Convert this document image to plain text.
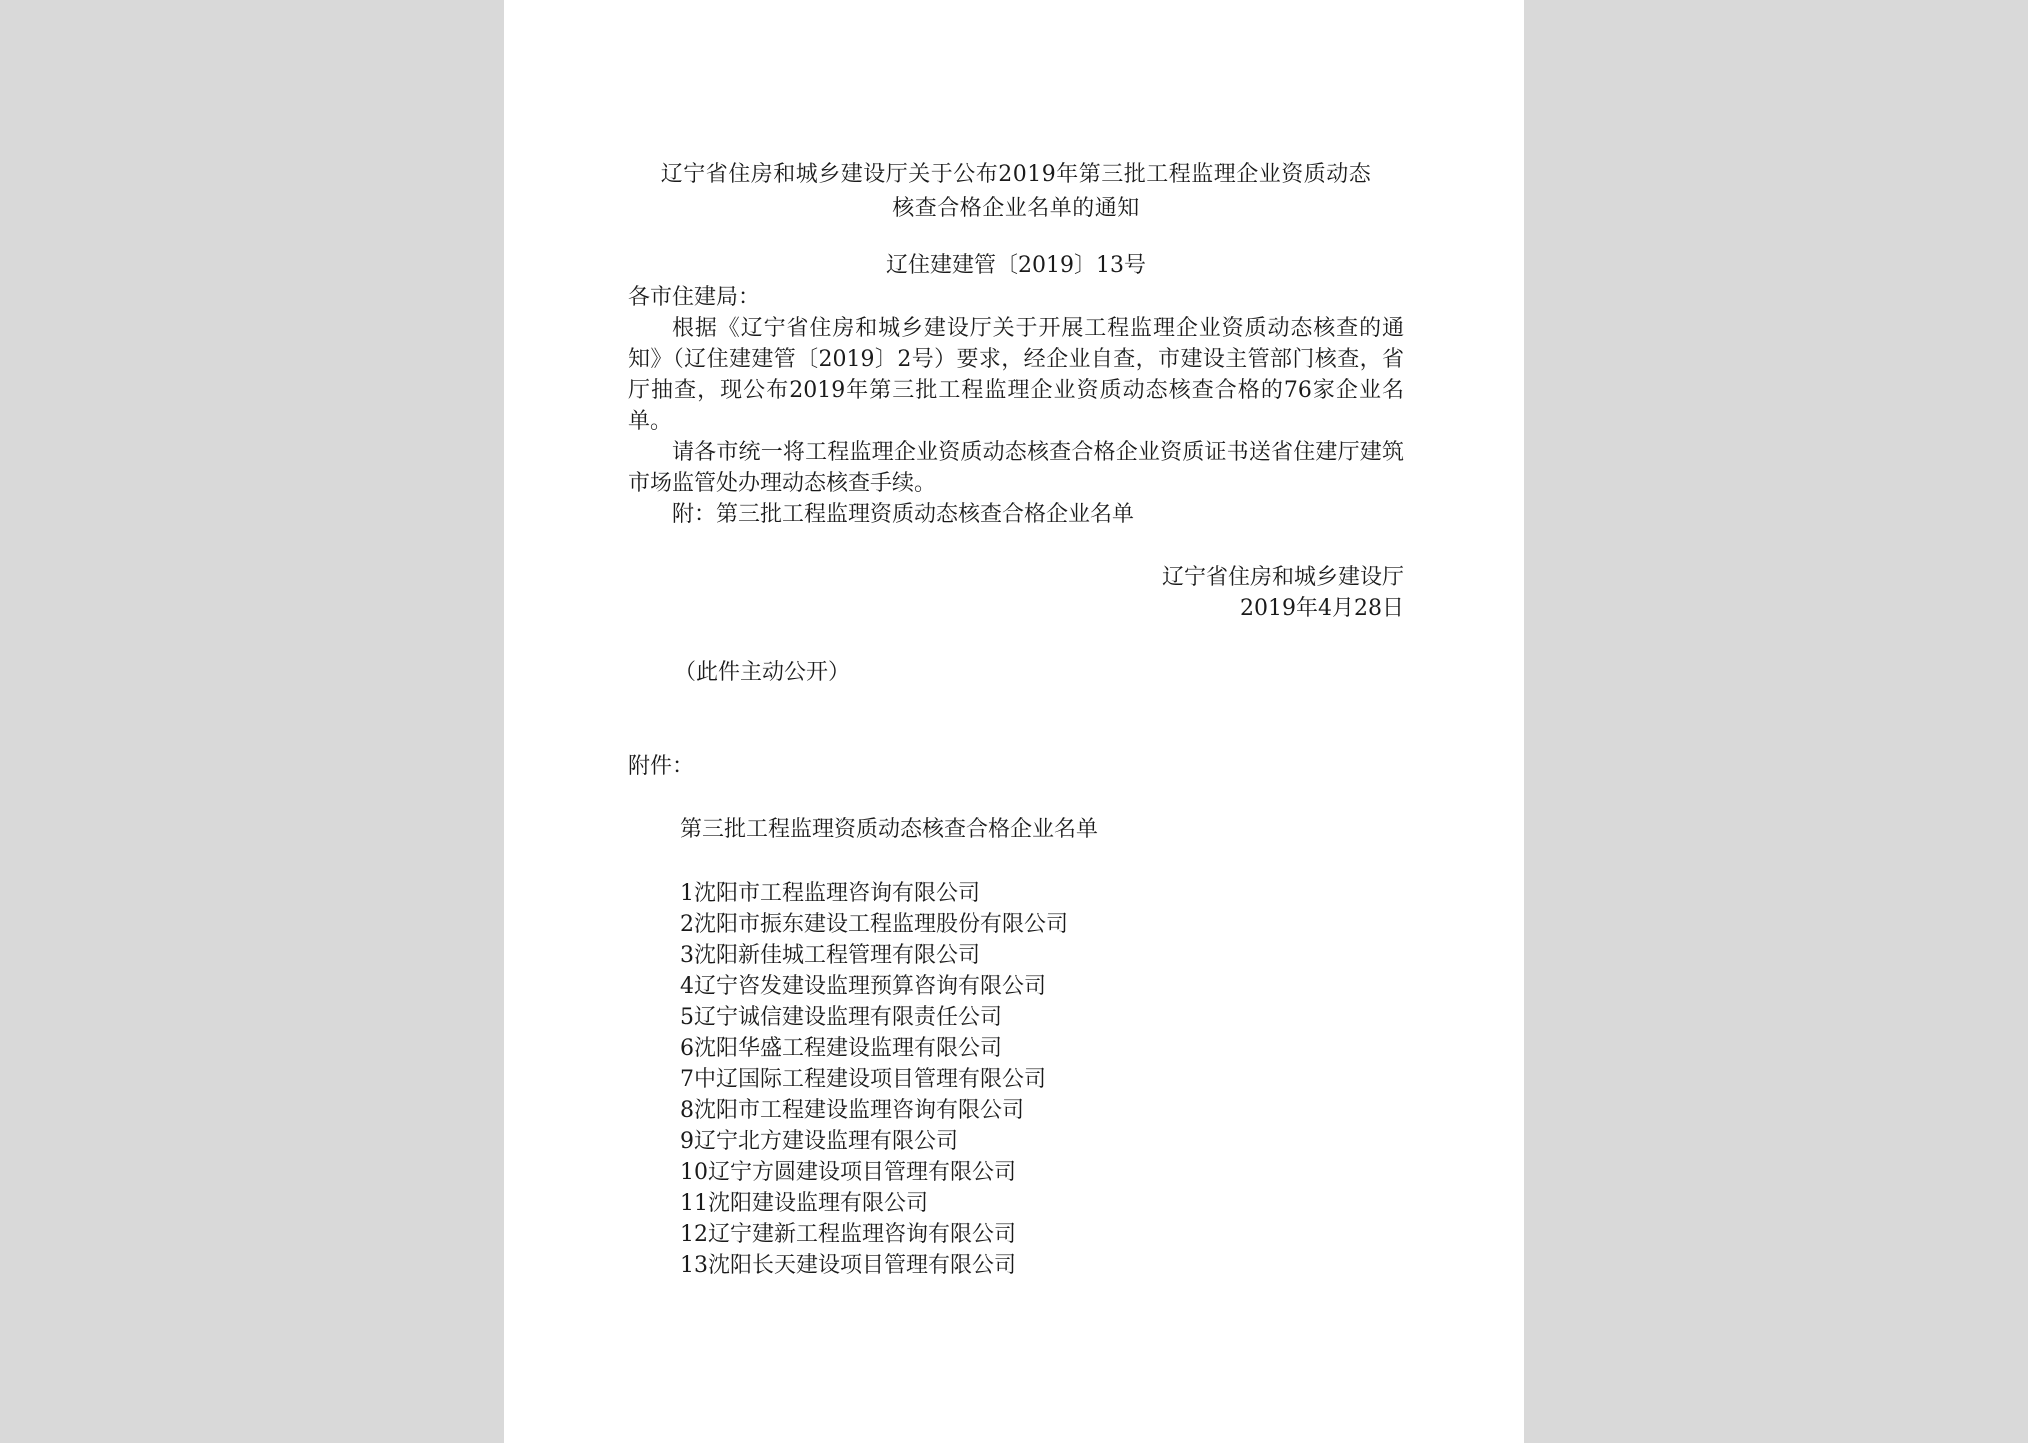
辽宁省住房和城乡建设厅关于公布2019年第三批工程监理企业资质动态
核查合格企业名单的通知
辽住建建管〔2019〕13号

各市住建局：

根据《辽宁省住房和城乡建设厅关于开展工程监理企业资质动态核查的通知》（辽住建建管〔2019〕2号）要求，经企业自查，市建设主管部门核查，省厅抽查，现公布2019年第三批工程监理企业资质动态核查合格的76家企业名单。

请各市统一将工程监理企业资质动态核查合格企业资质证书送省住建厅建筑市场监管处办理动态核查手续。

附：第三批工程监理资质动态核查合格企业名单

辽宁省住房和城乡建设厅
2019年4月28日
（此件主动公开）
附件：
第三批工程监理资质动态核查合格企业名单
1沈阳市工程监理咨询有限公司
2沈阳市振东建设工程监理股份有限公司
3沈阳新佳城工程管理有限公司
4辽宁咨发建设监理预算咨询有限公司
5辽宁诚信建设监理有限责任公司
6沈阳华盛工程建设监理有限公司
7中辽国际工程建设项目管理有限公司
8沈阳市工程建设监理咨询有限公司
9辽宁北方建设监理有限公司
10辽宁方圆建设项目管理有限公司
11沈阳建设监理有限公司
12辽宁建新工程监理咨询有限公司
13沈阳长天建设项目管理有限公司
